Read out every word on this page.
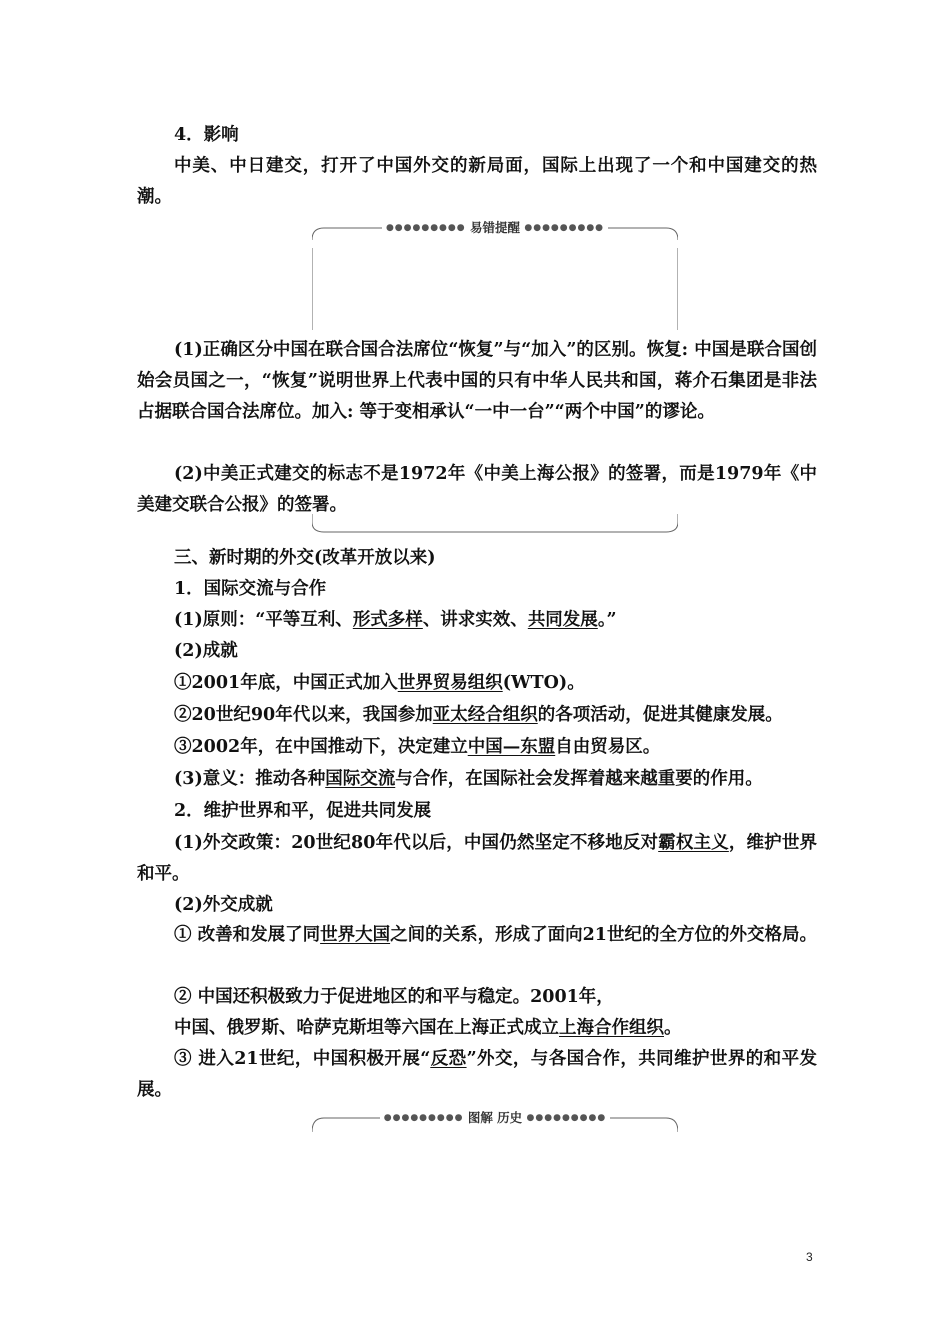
4．影响
中美、中日建交，打开了中国外交的新局面，国际上出现了一个和中国建交的热潮。
●●●●●●●●● 易错提醒 ●●●●●●●●●
(1)正确区分中国在联合国合法席位“恢复”与“加入”的区别。恢复: 中国是联合国创始会员国之一，“恢复”说明世界上代表中国的只有中华人民共和国，蒋介石集团是非法占据联合国合法席位。加入: 等于变相承认“一中一台”“两个中国”的谬论。
(2)中美正式建交的标志不是1972年《中美上海公报》的签署，而是1979年《中美建交联合公报》的签署。
三、新时期的外交(改革开放以来)
1．国际交流与合作
(1)原则：“平等互利、形式多样、讲求实效、共同发展。”
(2)成就
①2001年底，中国正式加入世界贸易组织(WTO)。
②20世纪90年代以来，我国参加亚太经合组织的各项活动，促进其健康发展。
③2002年，在中国推动下，决定建立中国—东盟自由贸易区。
(3)意义：推动各种国际交流与合作，在国际社会发挥着越来越重要的作用。
2．维护世界和平，促进共同发展
(1)外交政策：20世纪80年代以后，中国仍然坚定不移地反对霸权主义，维护世界和平。
(2)外交成就
① 改善和发展了同世界大国之间的关系，形成了面向21世纪的全方位的外交格局。
② 中国还积极致力于促进地区的和平与稳定。2001年，
中国、俄罗斯、哈萨克斯坦等六国在上海正式成立上海合作组织。
③ 进入21世纪，中国积极开展“反恐”外交，与各国合作，共同维护世界的和平发展。
●●●●●●●●● 图解 历史 ●●●●●●●●●
3
